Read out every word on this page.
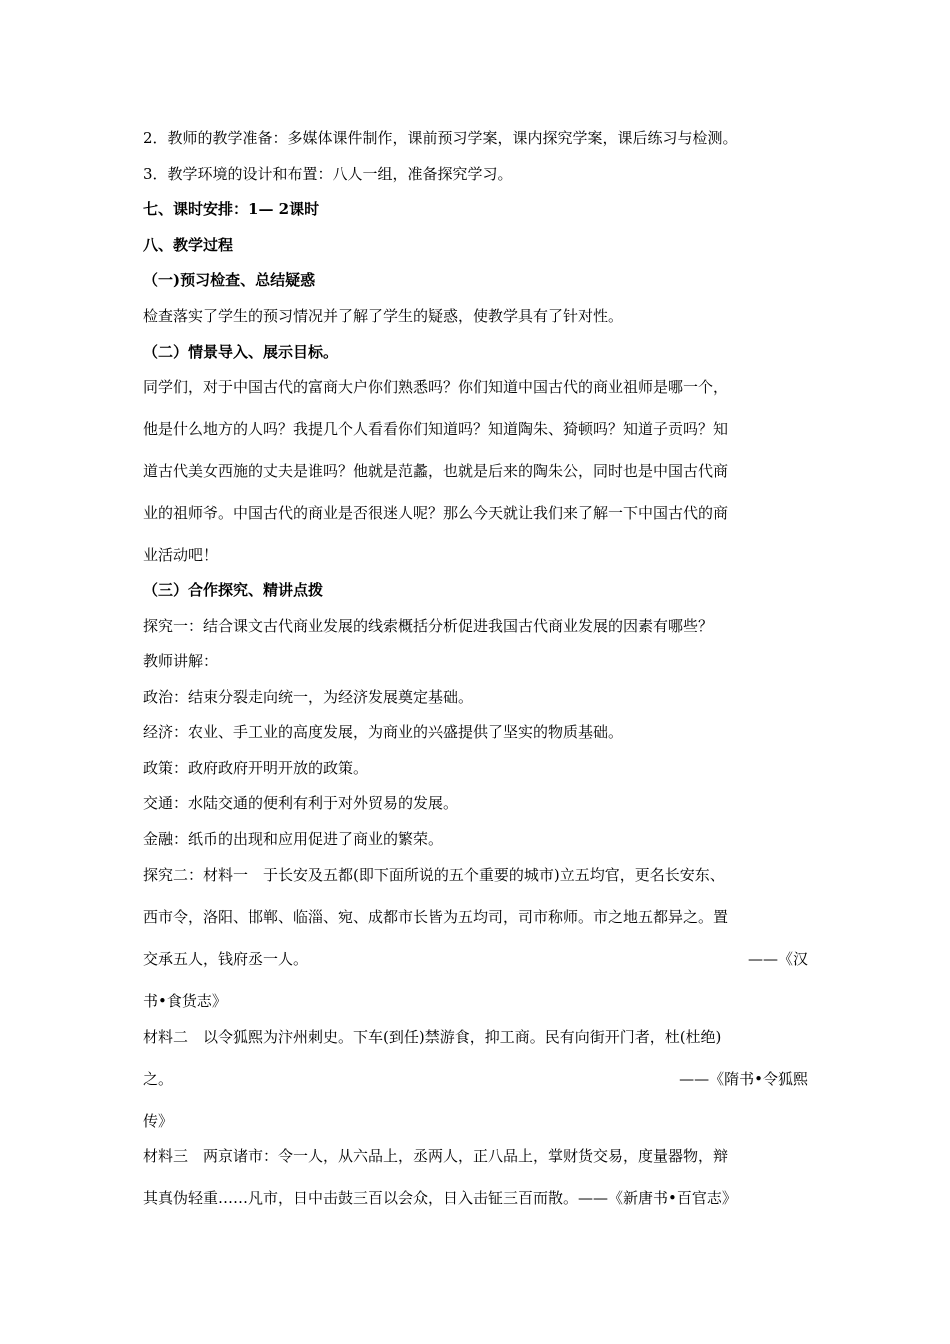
2．教师的教学准备：多媒体课件制作，课前预习学案，课内探究学案，课后练习与检测。
3．教学环境的设计和布置：八人一组，准备探究学习。
七、课时安排：1— 2课时
八、教学过程
（一)预习检查、总结疑惑
检查落实了学生的预习情况并了解了学生的疑惑，使教学具有了针对性。
（二）情景导入、展示目标。
同学们，对于中国古代的富商大户你们熟悉吗？你们知道中国古代的商业祖师是哪一个，
他是什么地方的人吗？我提几个人看看你们知道吗？知道陶朱、猗顿吗？知道子贡吗？知
道古代美女西施的丈夫是谁吗？他就是范蠡，也就是后来的陶朱公，同时也是中国古代商
业的祖师爷。中国古代的商业是否很迷人呢？那么今天就让我们来了解一下中国古代的商
业活动吧！
（三）合作探究、精讲点拨
探究一：结合课文古代商业发展的线索概括分析促进我国古代商业发展的因素有哪些？
教师讲解：
政治：结束分裂走向统一，为经济发展奠定基础。
经济：农业、手工业的高度发展，为商业的兴盛提供了坚实的物质基础。
政策：政府政府开明开放的政策。
交通：水陆交通的便利有利于对外贸易的发展。
金融：纸币的出现和应用促进了商业的繁荣。
探究二：材料一　于长安及五都(即下面所说的五个重要的城市)立五均官，更名长安东、
西市令，洛阳、邯郸、临淄、宛、成都市长皆为五均司，司市称师。市之地五都异之。置
交承五人，钱府丞一人。	——《汉
书•食货志》
材料二　以令狐熙为汴州刺史。下车(到任)禁游食，抑工商。民有向街开门者，杜(杜绝)
之。	——《隋书•令狐熙
传》
材料三　两京诸市：令一人，从六品上，丞两人，正八品上，掌财货交易，度量器物，辩
其真伪轻重……凡市，日中击鼓三百以会众，日入击钲三百而散。——《新唐书•百官志》
